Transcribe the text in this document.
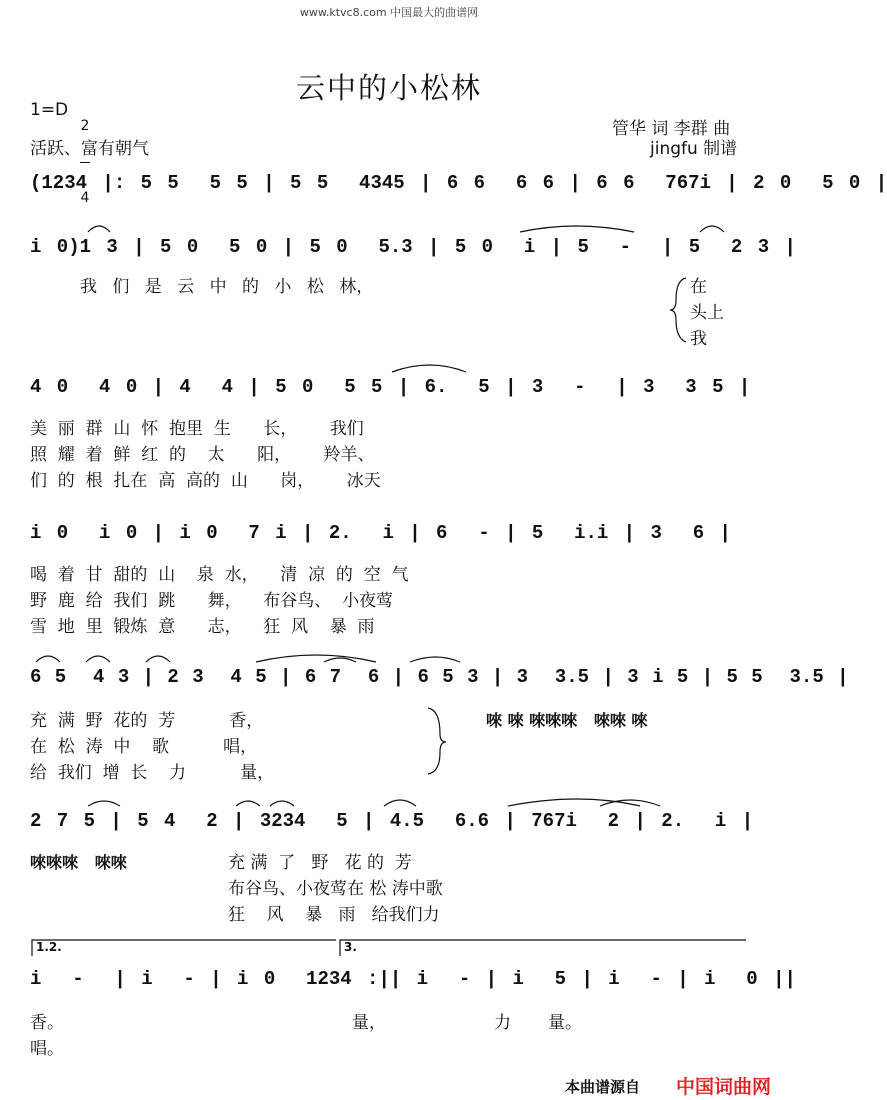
www.ktvc8.com 中国最大的曲谱网
云中的小松林
1=D

2

4

活跃、富有朝气
管华 词 李群 曲
jingfu 制谱
(1234 |: 5 5  5 5 | 5 5  4345 | 6 6  6 6 | 6 6  767i | 2 0  5 0 |
i 0)1 3 | 5 0  5 0 | 5 0  5.3 | 5 0  i | 5  -  | 5  2 3 |
我 们 是 云 中 的 小 松 林，	在
头上
我
4 0  4 0 | 4  4 | 5 0  5 5 | 6.  5 | 3  -  | 3  3 5 |
美  丽  群  山  怀  抱里  生      长，      我们
照  耀  着  鲜  红  的    太      阳，      羚羊、
们  的  根  扎在  高  高的  山      岗，      冰天
i 0  i 0 | i 0  7 i | 2.  i | 6  - | 5  i.i | 3  6 |
喝  着  甘  甜的  山    泉  水，    清  凉  的  空  气
野  鹿  给  我们  跳      舞，    布谷鸟、  小夜莺
雪  地  里  锻炼  意      志，    狂  风    暴  雨
6 5  4 3 | 2 3  4 5 | 6 7  6 | 6 5 3 | 3  3.5 | 3 i 5 | 5 5  3.5 |
充  满  野  花的  芳          香，
在  松  涛  中    歌          唱，
给  我们  增  长    力          量，
唻 唻 唻唻唻   唻唻 唻
2 7 5 | 5 4  2 | 3234  5 | 4.5  6.6 | 767i  2 | 2.  i |
唻唻唻   唻唻	充 满  了   野   花 的  芳
布谷鸟、小夜莺在 松 涛中歌
狂    风    暴   雨   给我们力
1.2.	3.
i  -  | i  - | i 0  1234 :|| i  - | i  5 | i  - | i  0 ||
香。
唱。
量，	力 量。
本曲谱源自 中国词曲网
